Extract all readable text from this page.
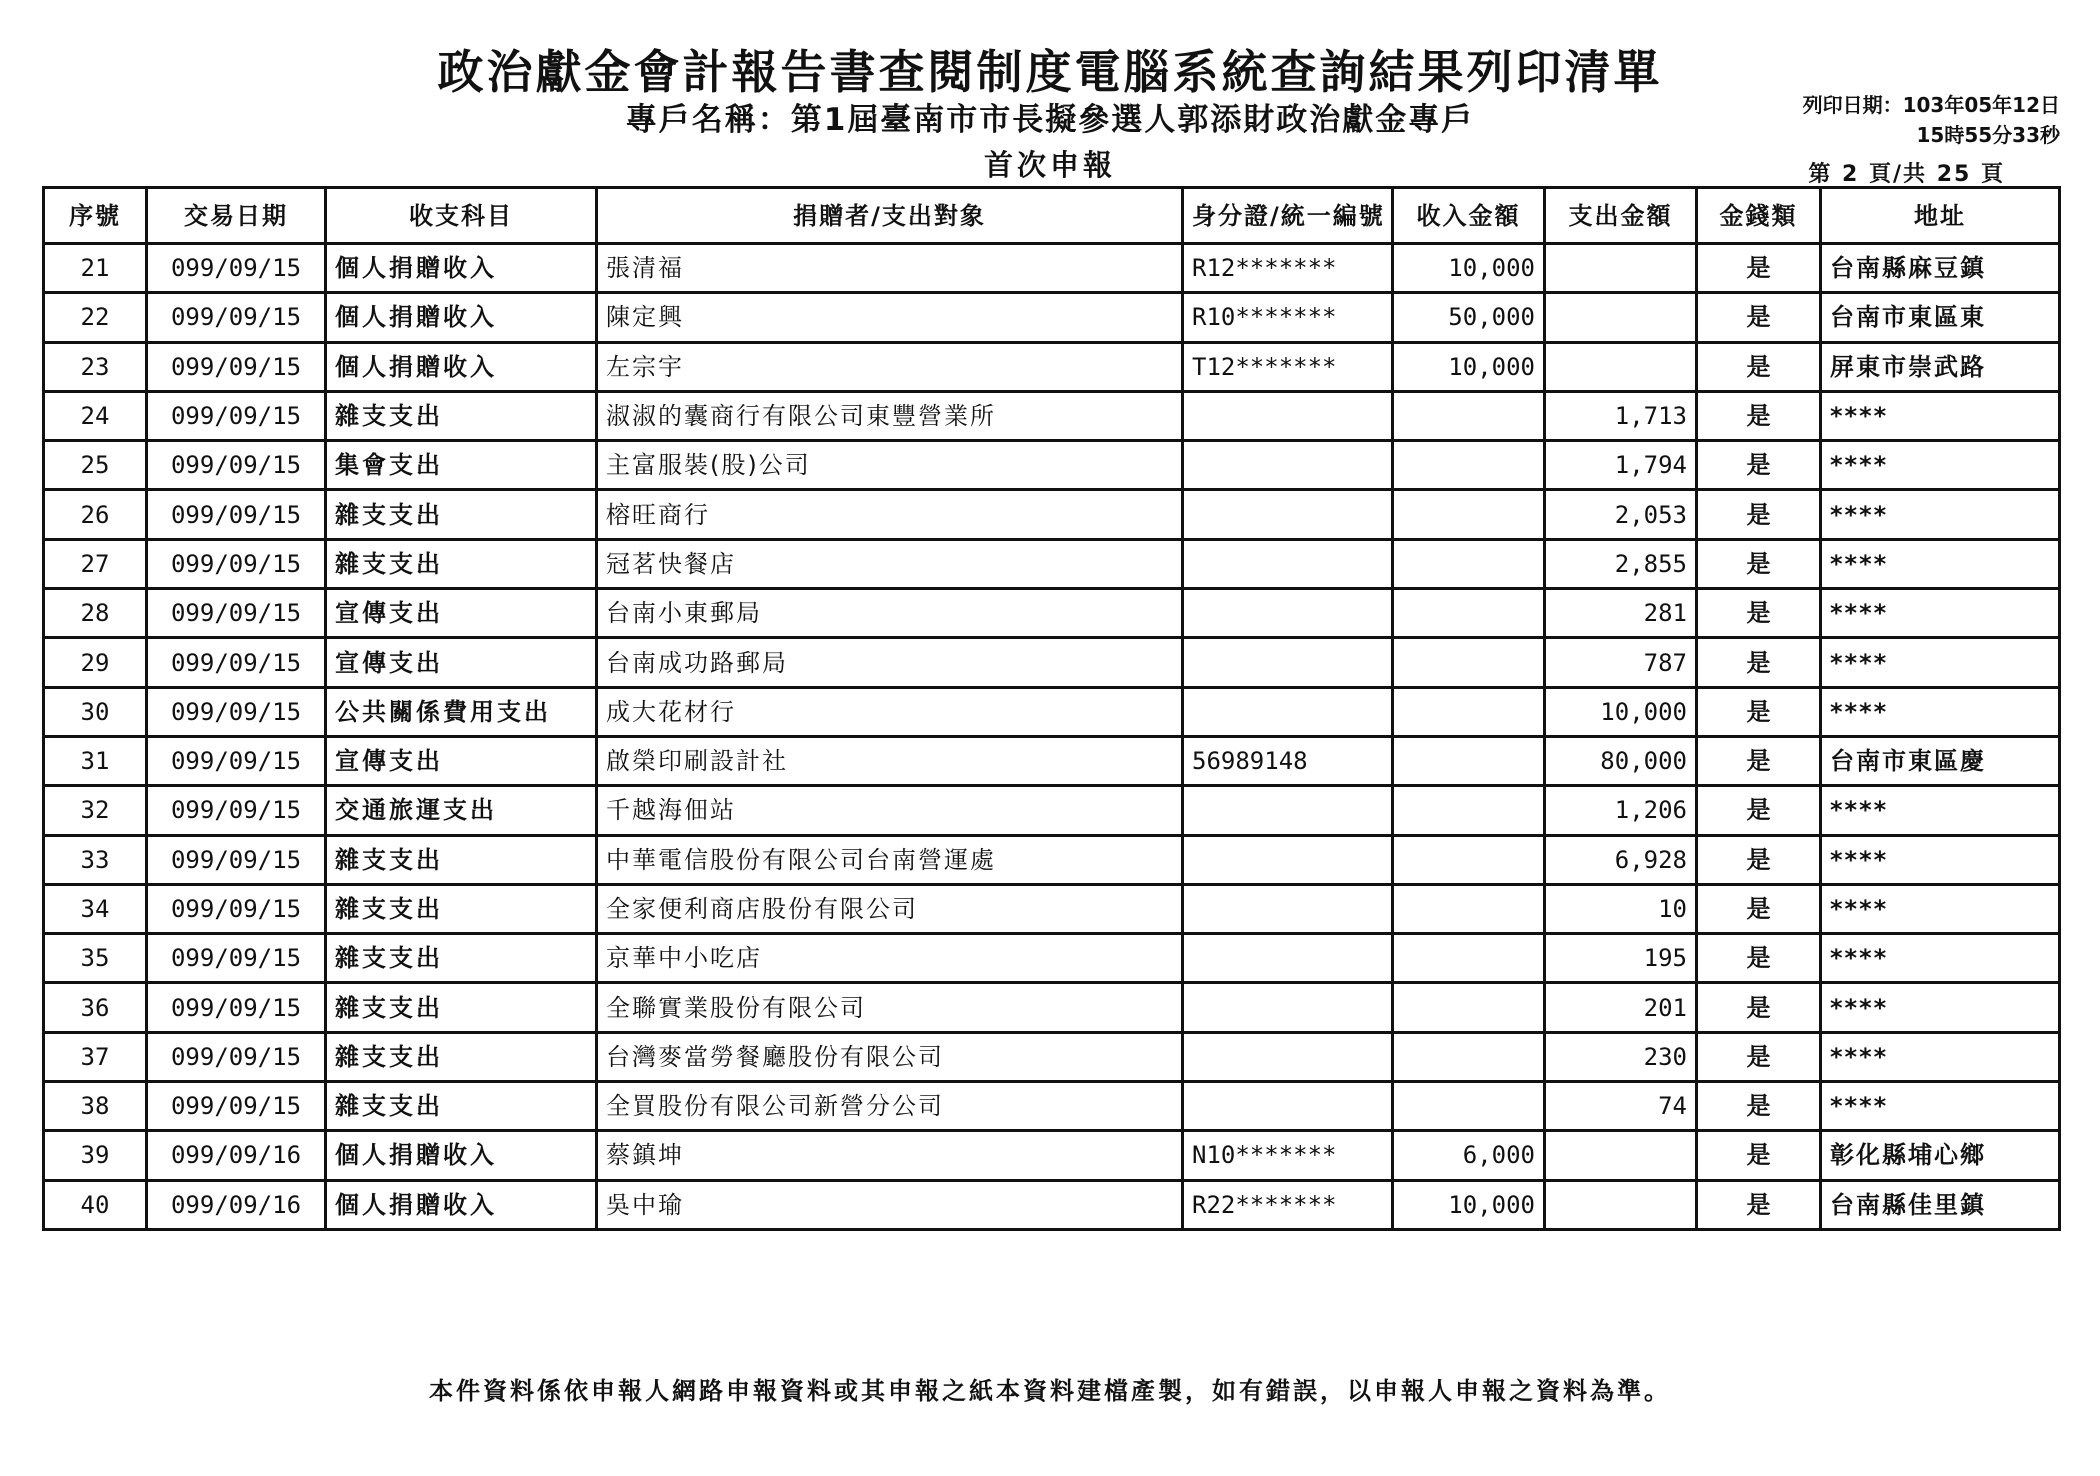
政治獻金會計報告書查閱制度電腦系統查詢結果列印清單
專戶名稱：第1屆臺南市市長擬參選人郭添財政治獻金專戶
首次申報
列印日期：103年05年12日
15時55分33秒
第 2 頁/共 25 頁
序號	交易日期	收支科目	捐贈者/支出對象	身分證/統一編號	收入金額	支出金額	金錢類	地址
21	099/09/15	個人捐贈收入	張清福	R12*******	10,000		是	台南縣麻豆鎮
22	099/09/15	個人捐贈收入	陳定興	R10*******	50,000		是	台南市東區東
23	099/09/15	個人捐贈收入	左宗宇	T12*******	10,000		是	屏東市崇武路
24	099/09/15	雜支支出	淑淑的囊商行有限公司東豐營業所			1,713	是	****
25	099/09/15	集會支出	主富服裝(股)公司			1,794	是	****
26	099/09/15	雜支支出	榕旺商行			2,053	是	****
27	099/09/15	雜支支出	冠茗快餐店			2,855	是	****
28	099/09/15	宣傳支出	台南小東郵局			281	是	****
29	099/09/15	宣傳支出	台南成功路郵局			787	是	****
30	099/09/15	公共關係費用支出	成大花材行			10,000	是	****
31	099/09/15	宣傳支出	啟榮印刷設計社	56989148		80,000	是	台南市東區慶
32	099/09/15	交通旅運支出	千越海佃站			1,206	是	****
33	099/09/15	雜支支出	中華電信股份有限公司台南營運處			6,928	是	****
34	099/09/15	雜支支出	全家便利商店股份有限公司			10	是	****
35	099/09/15	雜支支出	京華中小吃店			195	是	****
36	099/09/15	雜支支出	全聯實業股份有限公司			201	是	****
37	099/09/15	雜支支出	台灣麥當勞餐廳股份有限公司			230	是	****
38	099/09/15	雜支支出	全買股份有限公司新營分公司			74	是	****
39	099/09/16	個人捐贈收入	蔡鎮坤	N10*******	6,000		是	彰化縣埔心鄉
40	099/09/16	個人捐贈收入	吳中瑜	R22*******	10,000		是	台南縣佳里鎮
本件資料係依申報人網路申報資料或其申報之紙本資料建檔產製，如有錯誤，以申報人申報之資料為準。
